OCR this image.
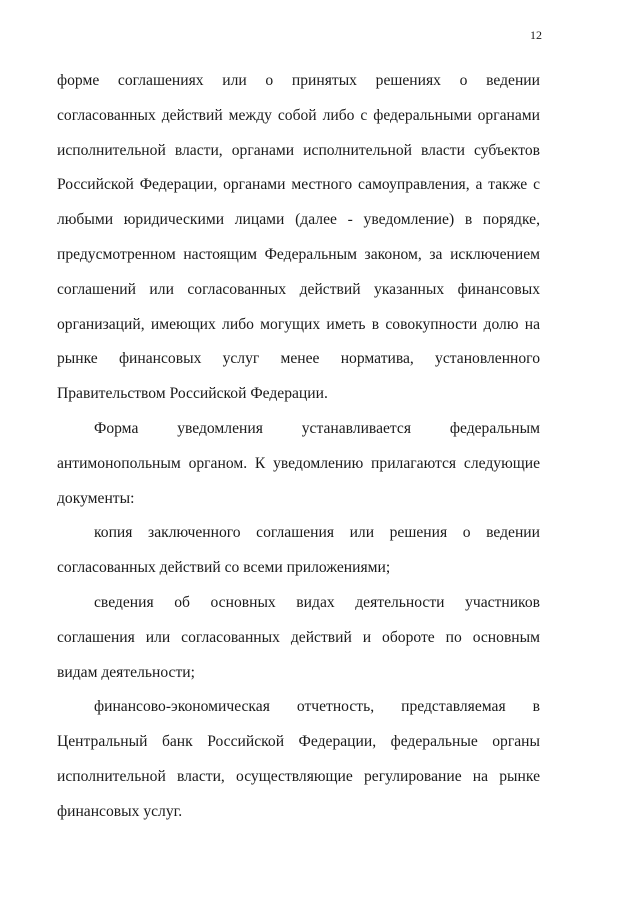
12
форме соглашениях или о принятых решениях о ведении
согласованных действий между собой либо с федеральными органами
исполнительной власти, органами исполнительной власти субъектов
Российской Федерации, органами местного самоуправления, а также с
любыми юридическими лицами (далее - уведомление) в порядке,
предусмотренном настоящим Федеральным законом, за исключением
соглашений или согласованных действий указанных финансовых
организаций, имеющих либо могущих иметь в совокупности долю на
рынке финансовых услуг менее норматива, установленного
Правительством Российской Федерации.
Форма уведомления устанавливается федеральным
антимонопольным органом. К уведомлению прилагаются следующие
документы:
копия заключенного соглашения или решения о ведении
согласованных действий со всеми приложениями;
сведения об основных видах деятельности участников
соглашения или согласованных действий и обороте по основным
видам деятельности;
финансово-экономическая отчетность, представляемая в
Центральный банк Российской Федерации, федеральные органы
исполнительной власти, осуществляющие регулирование на рынке
финансовых услуг.
